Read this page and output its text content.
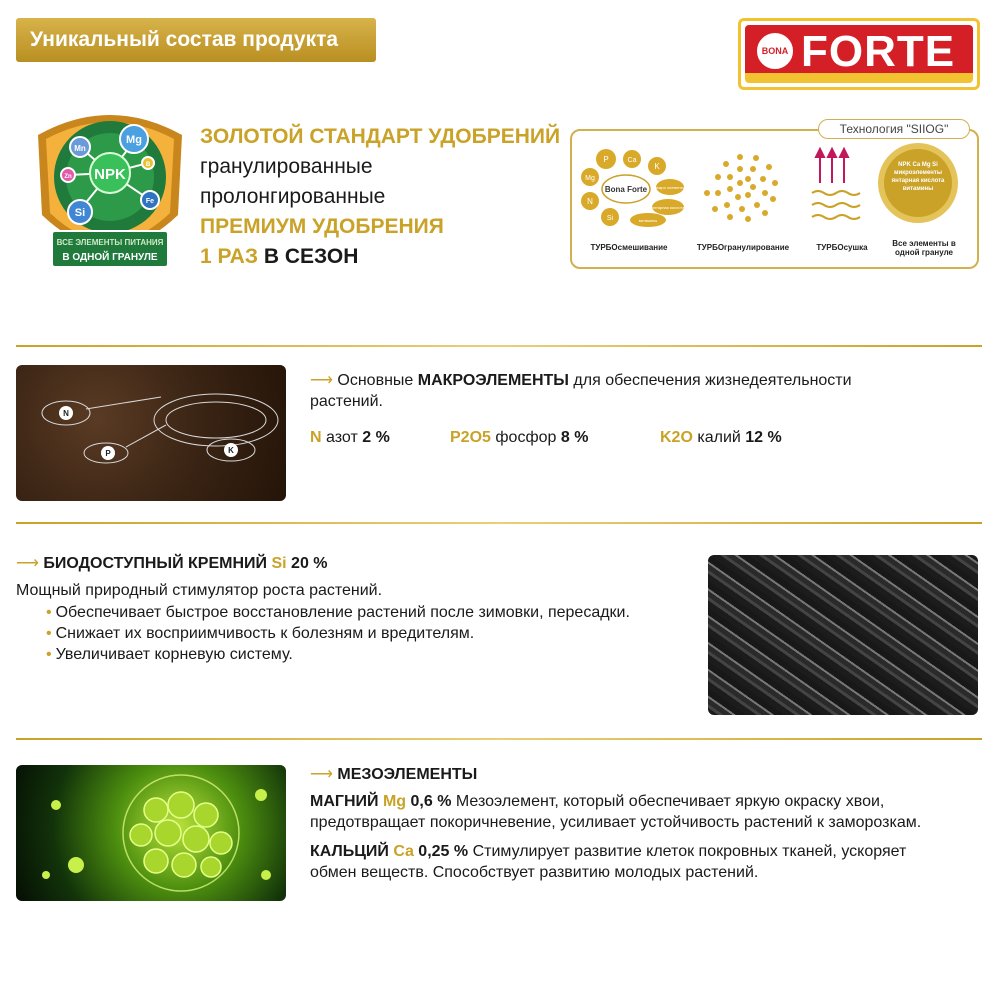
Уникальный состав продукта	BONA FORTE
NPK
Mg
Mn
Fe
Si
Zn
B
ВСЕ ЭЛЕМЕНТЫ ПИТАНИЯ
В ОДНОЙ ГРАНУЛЕ
ЗОЛОТОЙ СТАНДАРТ УДОБРЕНИЙ
гранулированные
пролонгированные
ПРЕМИУМ УДОБРЕНИЯ
1 РАЗ В СЕЗОН
Bona Forte
P	Ca
K
Mg
N
Si
микро элементы
янтарная кислота
витамины
NPK Ca Mg Si микроэлементы янтарная кислота витамины
ТУРБОсмешивание	ТУРБОгранулирование	ТУРБОсушка	Все элементы в одной грануле
Технология "SIIOG"
N
P	K
⟶ Основные МАКРОЭЛЕМЕНТЫ для обеспечения жизнедеятельности
растений.
N азот 2 %	P2O5 фосфор 8 %	K2O калий 12 %
⟶ БИОДОСТУПНЫЙ КРЕМНИЙ Si 20 %
Мощный природный стимулятор роста растений.
• Обеспечивает быстрое восстановление растений после зимовки, пересадки.
• Снижает их восприимчивость к болезням и вредителям.
• Увеличивает корневую систему.
⟶ МЕЗОЭЛЕМЕНТЫ
МАГНИЙ Mg 0,6 % Мезоэлемент, который обеспечивает яркую окраску хвои,
предотвращает покоричневение, усиливает устойчивость растений к заморозкам.
КАЛЬЦИЙ Ca 0,25 % Стимулирует развитие клеток покровных тканей, ускоряет
обмен веществ. Способствует развитию молодых растений.
